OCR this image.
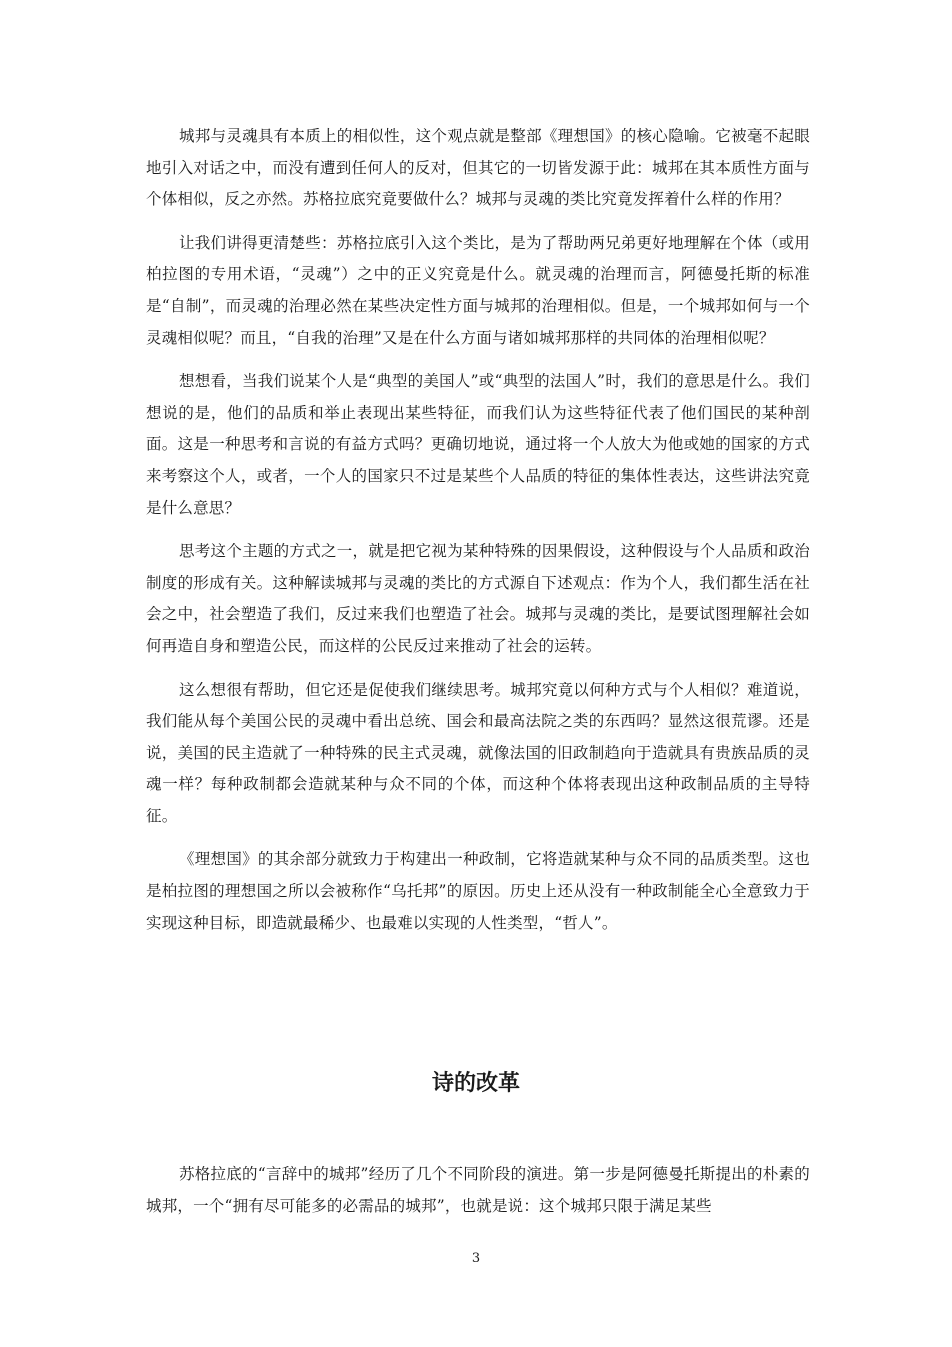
城邦与灵魂具有本质上的相似性，这个观点就是整部《理想国》的核心隐喻。它被毫不起眼地引入对话之中，而没有遭到任何人的反对，但其它的一切皆发源于此：城邦在其本质性方面与个体相似，反之亦然。苏格拉底究竟要做什么？城邦与灵魂的类比究竟发挥着什么样的作用？

让我们讲得更清楚些：苏格拉底引入这个类比，是为了帮助两兄弟更好地理解在个体（或用柏拉图的专用术语，“灵魂”）之中的正义究竟是什么。就灵魂的治理而言，阿德曼托斯的标准是“自制”，而灵魂的治理必然在某些决定性方面与城邦的治理相似。但是，一个城邦如何与一个灵魂相似呢？而且，“自我的治理”又是在什么方面与诸如城邦那样的共同体的治理相似呢？

想想看，当我们说某个人是“典型的美国人”或“典型的法国人”时，我们的意思是什么。我们想说的是，他们的品质和举止表现出某些特征，而我们认为这些特征代表了他们国民的某种剖面。这是一种思考和言说的有益方式吗？更确切地说，通过将一个人放大为他或她的国家的方式来考察这个人，或者，一个人的国家只不过是某些个人品质的特征的集体性表达，这些讲法究竟是什么意思？

思考这个主题的方式之一，就是把它视为某种特殊的因果假设，这种假设与个人品质和政治制度的形成有关。这种解读城邦与灵魂的类比的方式源自下述观点：作为个人，我们都生活在社会之中，社会塑造了我们，反过来我们也塑造了社会。城邦与灵魂的类比，是要试图理解社会如何再造自身和塑造公民，而这样的公民反过来推动了社会的运转。

这么想很有帮助，但它还是促使我们继续思考。城邦究竟以何种方式与个人相似？难道说，我们能从每个美国公民的灵魂中看出总统、国会和最高法院之类的东西吗？显然这很荒谬。还是说，美国的民主造就了一种特殊的民主式灵魂，就像法国的旧政制趋向于造就具有贵族品质的灵魂一样？每种政制都会造就某种与众不同的个体，而这种个体将表现出这种政制品质的主导特征。

《理想国》的其余部分就致力于构建出一种政制，它将造就某种与众不同的品质类型。这也是柏拉图的理想国之所以会被称作“乌托邦”的原因。历史上还从没有一种政制能全心全意致力于实现这种目标，即造就最稀少、也最难以实现的人性类型，“哲人”。

诗的改革

苏格拉底的“言辞中的城邦”经历了几个不同阶段的演进。第一步是阿德曼托斯提出的朴素的城邦，一个“拥有尽可能多的必需品的城邦”，也就是说：这个城邦只限于满足某些

3
